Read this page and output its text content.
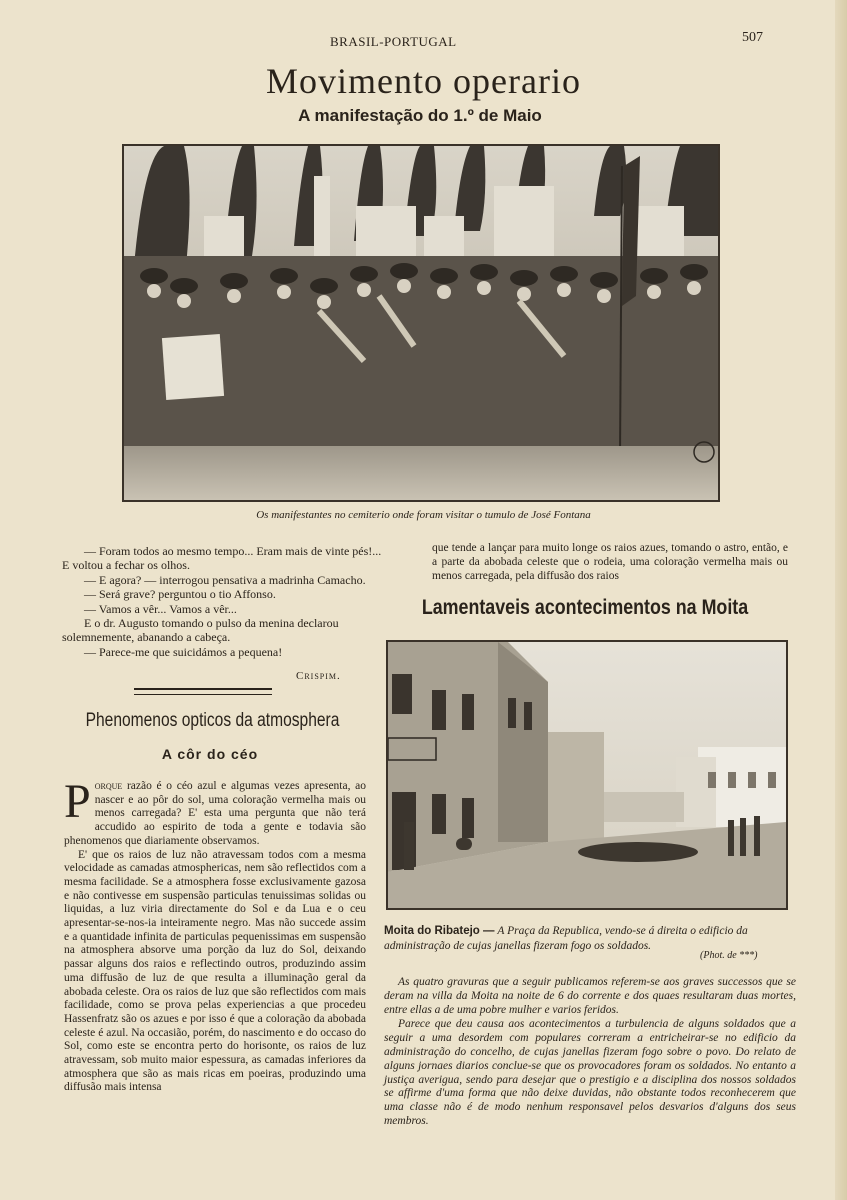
BRASIL-PORTUGAL	507
Movimento operario
A manifestação do 1.º de Maio
Os manifestantes no cemiterio onde foram visitar o tumulo de José Fontana
— Foram todos ao mesmo tempo... Eram mais de vinte pés!...
E voltou a fechar os olhos.
— E agora? — interrogou pensativa a madrinha Camacho.
— Será grave? perguntou o tio Affonso.
— Vamos a vêr... Vamos a vêr...
E o dr. Augusto tomando o pulso da menina declarou
solemnemente, abanando a cabeça.
— Parece-me que suicidámos a pequena!
Crispim.
Phenomenos opticos da atmosphera
A côr do céo
P orque razão é o céo azul e algumas vezes apresenta, ao nascer e ao pôr do sol, uma coloração vermelha mais ou menos carregada? E' esta uma pergunta que não terá accudido ao espirito de toda a gente e todavia são phenomenos que diariamente observamos.
E' que os raios de luz não atravessam todos com a mesma velocidade as camadas atmosphericas, nem são reflectidos com a mesma facilidade. Se a atmosphera fosse exclusivamente gazosa e não contivesse em suspensão particulas tenuissimas solidas ou liquidas, a luz viria directamente do Sol e da Lua e o ceu apresentar-se-nos-ia inteiramente negro. Mas não succede assim e a quantidade infinita de particulas pequenissimas em suspensão na atmosphera absorve uma porção da luz do Sol, deixando passar alguns dos raios e reflectindo outros, produzindo assim uma diffusão de luz de que resulta a illuminação geral da abobada celeste. Ora os raios de luz que são reflectidos com mais facilidade, como se prova pelas experiencias a que procedeu Hassenfratz são os azues e por isso é que a coloração da abobada celeste é azul. Na occasião, porém, do nascimento e do occaso do Sol, como este se encontra perto do horisonte, os raios de luz atravessam, sob muito maior espessura, as camadas inferiores da atmosphera que são as mais ricas em poeiras, produzindo uma diffusão mais intensa
que tende a lançar para muito longe os raios azues, tomando o astro, então, e a parte da abobada celeste que o rodeia, uma coloração vermelha mais ou menos carregada, pela diffusão dos raios
Lamentaveis acontecimentos na Moita
Moita do Ribatejo — A Praça da Republica, vendo-se á direita o edificio da administração de cujas janellas fizeram fogo os soldados.
(Phot. de ***)

As quatro gravuras que a seguir publicamos referem-se aos graves successos que se deram na villa da Moita na noite de 6 do corrente e dos quaes resultaram duas mortes, entre ellas a de uma pobre mulher e varios feridos.

Parece que deu causa aos acontecimentos a turbulencia de alguns soldados que a seguir a uma desordem com populares correram a entricheirar-se no edificio da administração do concelho, de cujas janellas fizeram fogo sobre o povo. Do relato de alguns jornaes diarios conclue-se que os provocadores foram os soldados. No entanto a justiça averigua, sendo para desejar que o prestigio e a disciplina dos nossos soldados se affirme d'uma forma que não deixe duvidas, não obstante todos reconhecerem que uma classe não é de modo nenhum responsavel pelos desvarios d'alguns dos seus membros.
